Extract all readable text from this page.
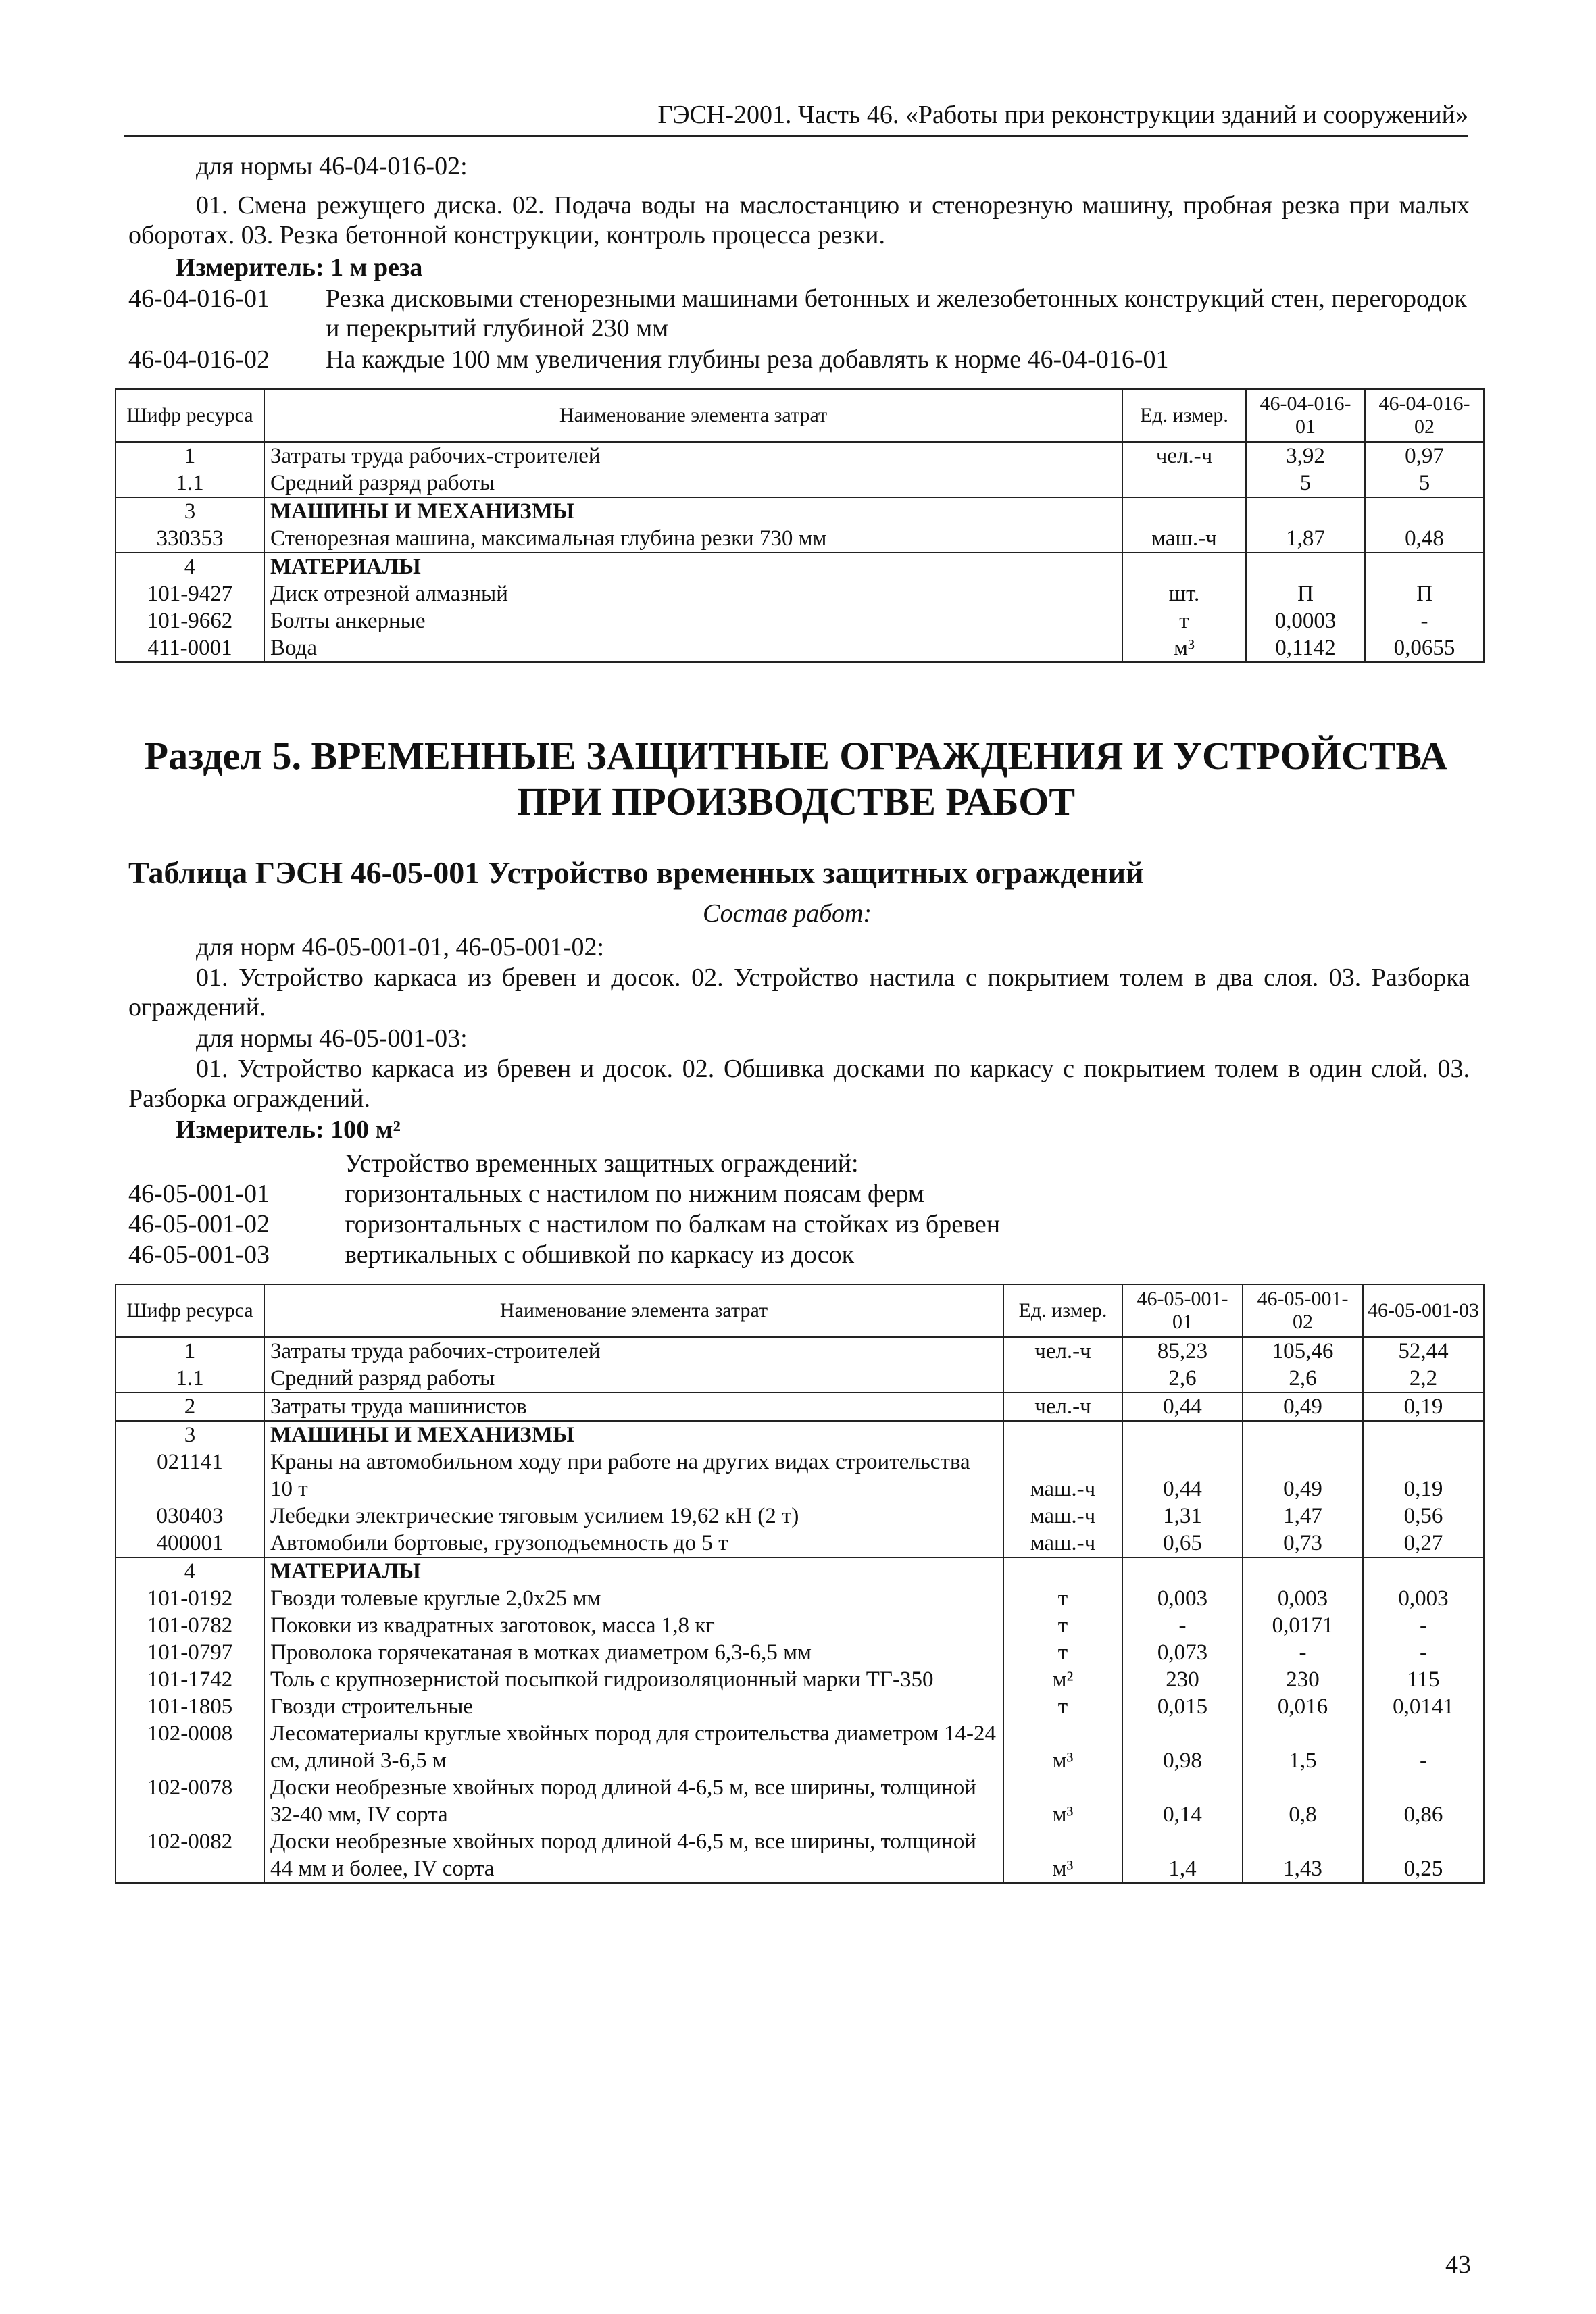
ГЭСН-2001. Часть 46. «Работы при реконструкции зданий и сооружений»
для нормы 46-04-016-02:
01. Смена режущего диска. 02. Подача воды на маслостанцию и стенорезную машину, пробная резка при малых оборотах. 03. Резка бетонной конструкции, контроль процесса резки.
Измеритель: 1 м реза
46-04-016-01 Резка дисковыми стенорезными машинами бетонных и железобетонных конструкций стен, перегородок и перекрытий глубиной 230 мм
46-04-016-02 На каждые 100 мм увеличения глубины реза добавлять к норме 46-04-016-01
Шифр ресурса	Наименование элемента затрат	Ед. измер.	46-04-016-01	46-04-016-02
1	Затраты труда рабочих-строителей	чел.-ч	3,92	0,97
1.1	Средний разряд работы		5	5
3	МАШИНЫ И МЕХАНИЗМЫ			
330353	Стенорезная машина, максимальная глубина резки 730 мм	маш.-ч	1,87	0,48
4	МАТЕРИАЛЫ			
101-9427	Диск отрезной алмазный	шт.	П	П
101-9662	Болты анкерные	т	0,0003	-
411-0001	Вода	м³	0,1142	0,0655
Раздел 5. ВРЕМЕННЫЕ ЗАЩИТНЫЕ ОГРАЖДЕНИЯ И УСТРОЙСТВА
ПРИ ПРОИЗВОДСТВЕ РАБОТ
Таблица ГЭСН 46-05-001 Устройство временных защитных ограждений
Состав работ:
для норм 46-05-001-01, 46-05-001-02:
01. Устройство каркаса из бревен и досок. 02. Устройство настила с покрытием толем в два слоя. 03. Разборка ограждений.
для нормы 46-05-001-03:
01. Устройство каркаса из бревен и досок. 02. Обшивка досками по каркасу с покрытием толем в один слой. 03. Разборка ограждений.
Измеритель: 100 м²
Устройство временных защитных ограждений:
46-05-001-01	горизонтальных с настилом по нижним поясам ферм
46-05-001-02	горизонтальных с настилом по балкам на стойках из бревен
46-05-001-03	вертикальных с обшивкой по каркасу из досок
Шифр ресурса	Наименование элемента затрат	Ед. измер.	46-05-001-01	46-05-001-02	46-05-001-03
1	Затраты труда рабочих-строителей	чел.-ч	85,23	105,46	52,44
1.1	Средний разряд работы		2,6	2,6	2,2
2	Затраты труда машинистов	чел.-ч	0,44	0,49	0,19
3	МАШИНЫ И МЕХАНИЗМЫ				
021141	Краны на автомобильном ходу при работе на других видах строительства 10 т	маш.-ч	0,44	0,49	0,19
030403	Лебедки электрические тяговым усилием 19,62 кН (2 т)	маш.-ч	1,31	1,47	0,56
400001	Автомобили бортовые, грузоподъемность до 5 т	маш.-ч	0,65	0,73	0,27
4	МАТЕРИАЛЫ				
101-0192	Гвозди толевые круглые 2,0х25 мм	т	0,003	0,003	0,003
101-0782	Поковки из квадратных заготовок, масса 1,8 кг	т	-	0,0171	-
101-0797	Проволока горячекатаная в мотках диаметром 6,3-6,5 мм	т	0,073	-	-
101-1742	Толь с крупнозернистой посыпкой гидроизоляционный марки ТГ-350	м²	230	230	115
101-1805	Гвозди строительные	т	0,015	0,016	0,0141
102-0008	Лесоматериалы круглые хвойных пород для строительства диаметром 14-24 см, длиной 3-6,5 м	м³	0,98	1,5	-
102-0078	Доски необрезные хвойных пород длиной 4-6,5 м, все ширины, толщиной 32-40 мм, IV сорта	м³	0,14	0,8	0,86
102-0082	Доски необрезные хвойных пород длиной 4-6,5 м, все ширины, толщиной 44 мм и более, IV сорта	м³	1,4	1,43	0,25
43
